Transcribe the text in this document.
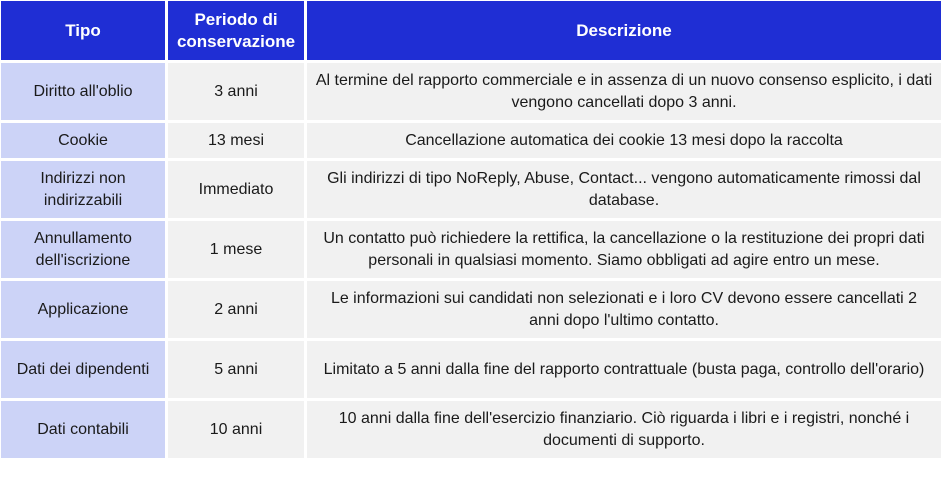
Tipo	Periodo di conservazione	Descrizione
Diritto all'oblio	3 anni	Al termine del rapporto commerciale e in assenza di un nuovo consenso esplicito, i dati vengono cancellati dopo 3 anni.
Cookie	13 mesi	Cancellazione automatica dei cookie 13 mesi dopo la raccolta
Indirizzi non indirizzabili	Immediato	Gli indirizzi di tipo NoReply, Abuse, Contact... vengono automaticamente rimossi dal database.
Annullamento dell'iscrizione	1 mese	Un contatto può richiedere la rettifica, la cancellazione o la restituzione dei propri dati personali in qualsiasi momento. Siamo obbligati ad agire entro un mese.
Applicazione	2 anni	Le informazioni sui candidati non selezionati e i loro CV devono essere cancellati 2 anni dopo l'ultimo contatto.
Dati dei dipendenti	5 anni	Limitato a 5 anni dalla fine del rapporto contrattuale (busta paga, controllo dell'orario)
Dati contabili	10 anni	10 anni dalla fine dell'esercizio finanziario. Ciò riguarda i libri e i registri, nonché i documenti di supporto.
